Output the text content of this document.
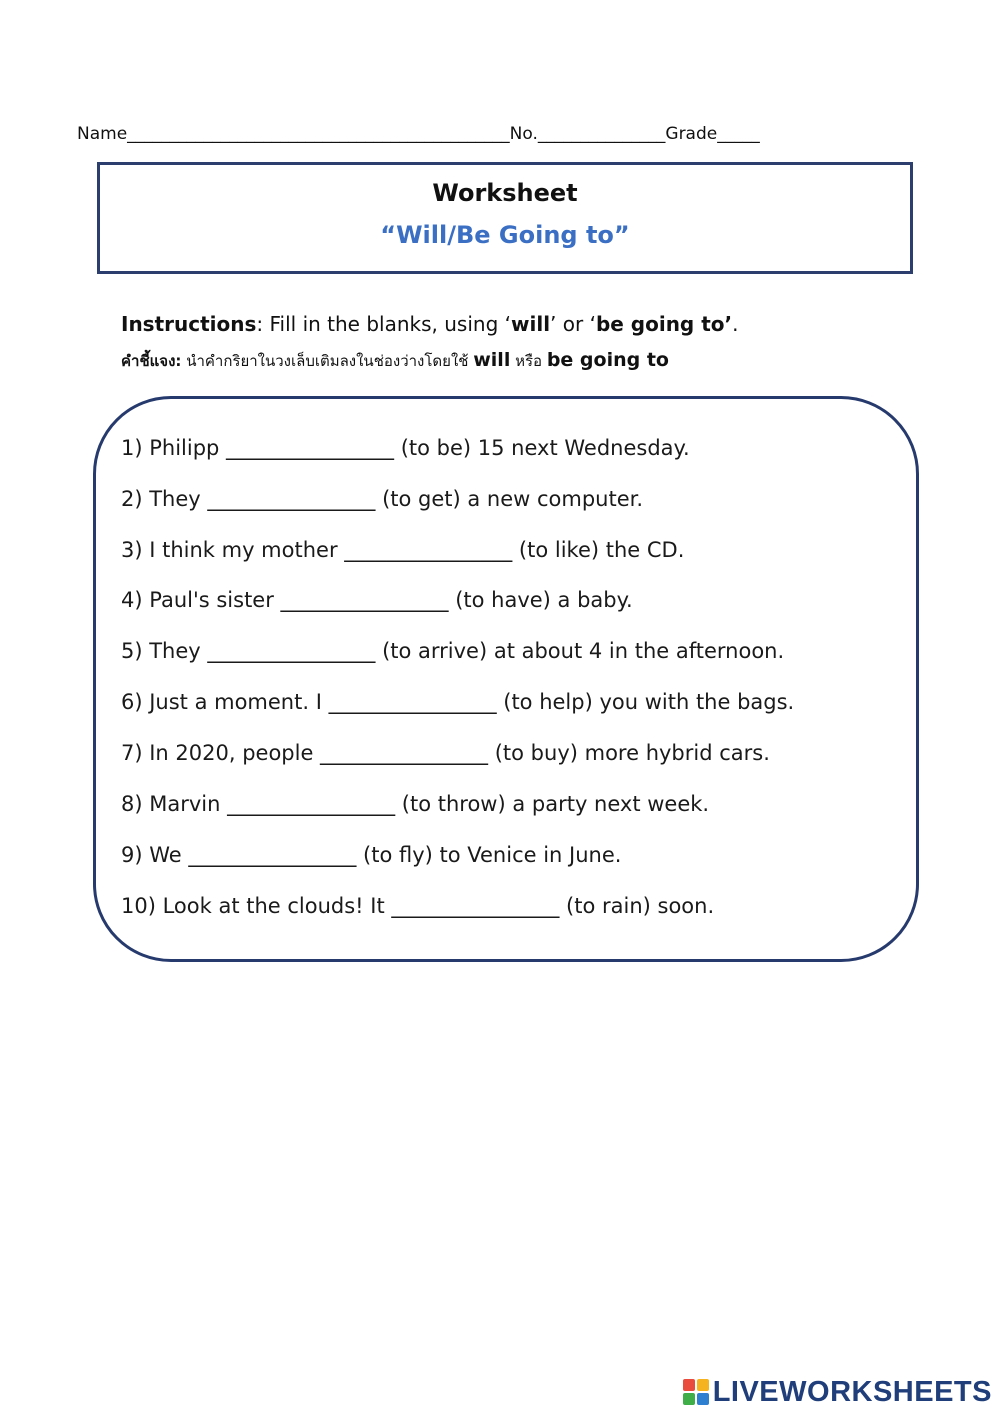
Name_____________________________________________No._______________Grade_____
Worksheet
“Will/Be Going to”
Instructions: Fill in the blanks, using ‘will’ or ‘be going to’.
คำชี้แจง: นำคำกริยาในวงเล็บเติมลงในช่องว่างโดยใช้ will หรือ be going to
1) Philipp ________________ (to be) 15 next Wednesday.
2) They ________________ (to get) a new computer.
3) I think my mother ________________ (to like) the CD.
4) Paul's sister ________________ (to have) a baby.
5) They ________________ (to arrive) at about 4 in the afternoon.
6) Just a moment. I ________________ (to help) you with the bags.
7) In 2020, people ________________ (to buy) more hybrid cars.
8) Marvin ________________ (to throw) a party next week.
9) We ________________ (to fly) to Venice in June.
10) Look at the clouds! It ________________ (to rain) soon.
LIVEWORKSHEETS
